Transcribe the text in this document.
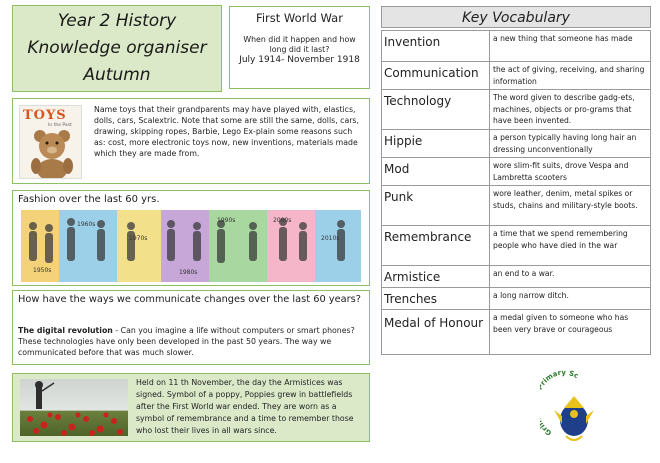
Year 2 History
Knowledge organiser
Autumn
First World War
When did it happen and how long did it last?
July 1914- November 1918
Key Vocabulary
Invention	a new thing that someone has made
Communication	the act of giving, receiving, and sharing information
Technology	The word given to describe gadg-ets, machines, objects or pro-grams that have been invented.
Hippie	a person typically having long hair an dressing unconventionally
Mod	wore slim-fit suits, drove Vespa and Lambretta scooters
Punk	wore leather, denim, metal spikes or studs, chains and military-style boots.
Remembrance	a time that we spend remembering people who have died in the war
Armistice	an end to a war.
Trenches	a long narrow ditch.
Medal of Honour	a medal given to someone who has been very brave or courageous
TOYS
In the Past
Name toys that their grandparents may have played with, elastics, dolls, cars, Scalextric. Note that some are still the same, dolls, cars, drawing, skipping ropes, Barbie, Lego Ex-plain some reasons such as: cost, more electronic toys now, new inventions, materials made which they are made from.
Fashion over the last 60 yrs.
1950s
1960s
1970s
1980s
1990s	2000s
2010s
How have the ways we communicate changes over the last 60 years?
The digital revolution - Can you imagine a life without computers or smart phones? These technologies have only been developed in the past 50 years. The way we communicated before that was much slower.
Held on 11 th November, the day the Armistices was signed. Symbol of a poppy, Poppies grew in battlefields after the First World war ended. They are worn as a symbol of remembrance and a time to remember those who lost their lives in all wars since.	Griffin imary Sc
